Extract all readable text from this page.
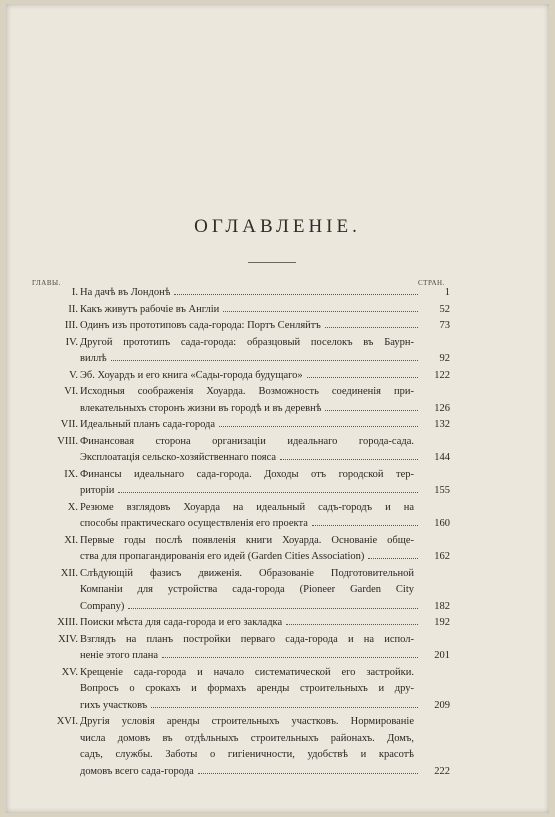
ОГЛАВЛЕНІЕ.
ГЛАВЫ.	СТРАН.
I. На дачѣ въ Лондонѣ	1
II. Какъ живутъ рабочіе въ Англіи	52
III. Одинъ изъ прототиповъ сада-города: Портъ Сенляйтъ	73
IV. Другой прототипъ сада-города: образцовый поселокъ въ Баурн-
виллѣ	92
V. Эб. Хоуардъ и его книга «Сады-города будущаго»	122
VI. Исходныя соображенія Хоуарда. Возможность соединенія при-
влекательныхъ сторонъ жизни въ городѣ и въ деревнѣ	126
VII. Идеальный планъ сада-города	132
VIII. Финансовая сторона организаціи идеальнаго города-сада.
Эксплоатація сельско-хозяйственнаго пояса	144
IX. Финансы идеальнаго сада-города. Доходы отъ городской тер-
риторіи	155
X. Резюме взглядовъ Хоуарда на идеальный садъ-городъ и на
способы практическаго осуществленія его проекта	160
XI. Первые годы послѣ появленія книги Хоуарда. Основаніе обще-
ства для пропагандированія его идей (Garden Cities Association)	162
XII. Слѣдующій фазисъ движенія. Образованіе Подготовительной
Компаніи для устройства сада-города (Pioneer Garden City
Company)	182
XIII. Поиски мѣста для сада-города и его закладка	192
XIV. Взглядъ на планъ постройки перваго сада-города и на испол-
неніе этого плана	201
XV. Крещеніе сада-города и начало систематической его застройки.
Вопросъ о срокахъ и формахъ аренды строительныхъ и дру-
гихъ участковъ	209
XVI. Другія условія аренды строительныхъ участковъ. Нормированіе
числа домовъ въ отдѣльныхъ строительныхъ районахъ. Домъ,
садъ, службы. Заботы о гигіеничности, удобствѣ и красотѣ
домовъ всего сада-города	222
